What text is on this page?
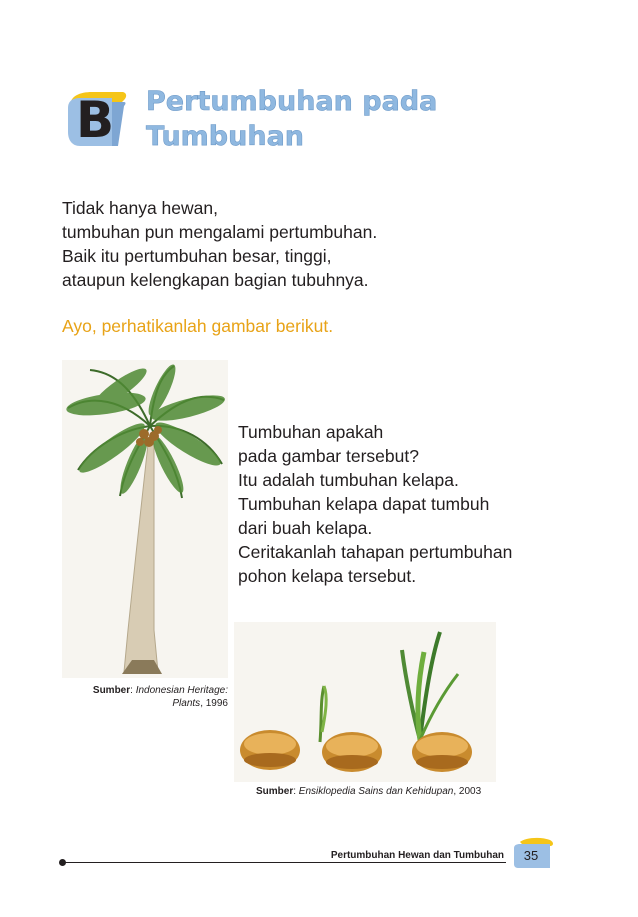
B Pertumbuhan pada
Tumbuhan
Tidak hanya hewan,
tumbuhan pun mengalami pertumbuhan.
Baik itu pertumbuhan besar, tinggi,
ataupun kelengkapan bagian tubuhnya.
Ayo, perhatikanlah gambar berikut.
Sumber: Indonesian Heritage:
Plants, 1996
Tumbuhan apakah
pada gambar tersebut?
Itu adalah tumbuhan kelapa.
Tumbuhan kelapa dapat tumbuh
dari buah kelapa.
Ceritakanlah tahapan pertumbuhan
pohon kelapa tersebut.
Sumber: Ensiklopedia Sains dan Kehidupan, 2003
Pertumbuhan Hewan dan Tumbuhan	35
